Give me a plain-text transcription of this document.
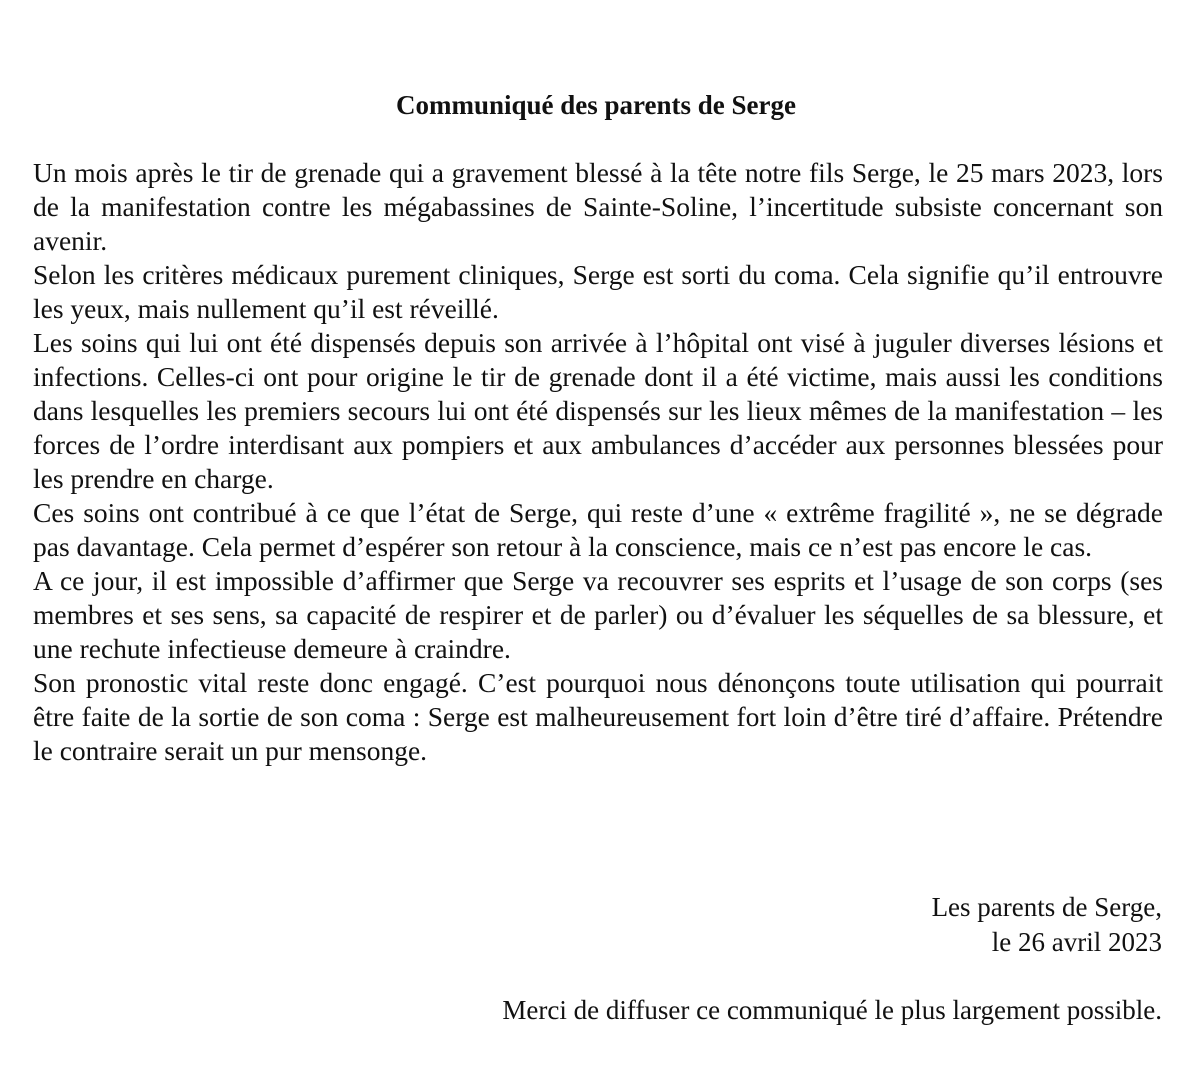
Communiqué des parents de Serge

Un mois après le tir de grenade qui a gravement blessé à la tête notre fils Serge, le 25 mars 2023, lors de la manifestation contre les mégabassines de Sainte-Soline, l’incertitude subsiste concernant son avenir.

Selon les critères médicaux purement cliniques, Serge est sorti du coma. Cela signifie qu’il entrouvre les yeux, mais nullement qu’il est réveillé.

Les soins qui lui ont été dispensés depuis son arrivée à l’hôpital ont visé à juguler diverses lésions et infections. Celles-ci ont pour origine le tir de grenade dont il a été victime, mais aussi les conditions dans lesquelles les premiers secours lui ont été dispensés sur les lieux mêmes de la manifestation – les forces de l’ordre interdisant aux pompiers et aux ambulances d’accéder aux personnes blessées pour les prendre en charge.

Ces soins ont contribué à ce que l’état de Serge, qui reste d’une « extrême fragilité », ne se dégrade pas davantage. Cela permet d’espérer son retour à la conscience, mais ce n’est pas encore le cas.

A ce jour, il est impossible d’affirmer que Serge va recouvrer ses esprits et l’usage de son corps (ses membres et ses sens, sa capacité de respirer et de parler) ou d’évaluer les séquelles de sa blessure, et une rechute infectieuse demeure à craindre.

Son pronostic vital reste donc engagé. C’est pourquoi nous dénonçons toute utilisation qui pourrait être faite de la sortie de son coma : Serge est malheureusement fort loin d’être tiré d’affaire. Prétendre le contraire serait un pur mensonge.

Les parents de Serge,
le 26 avril 2023
Merci de diffuser ce communiqué le plus largement possible.
